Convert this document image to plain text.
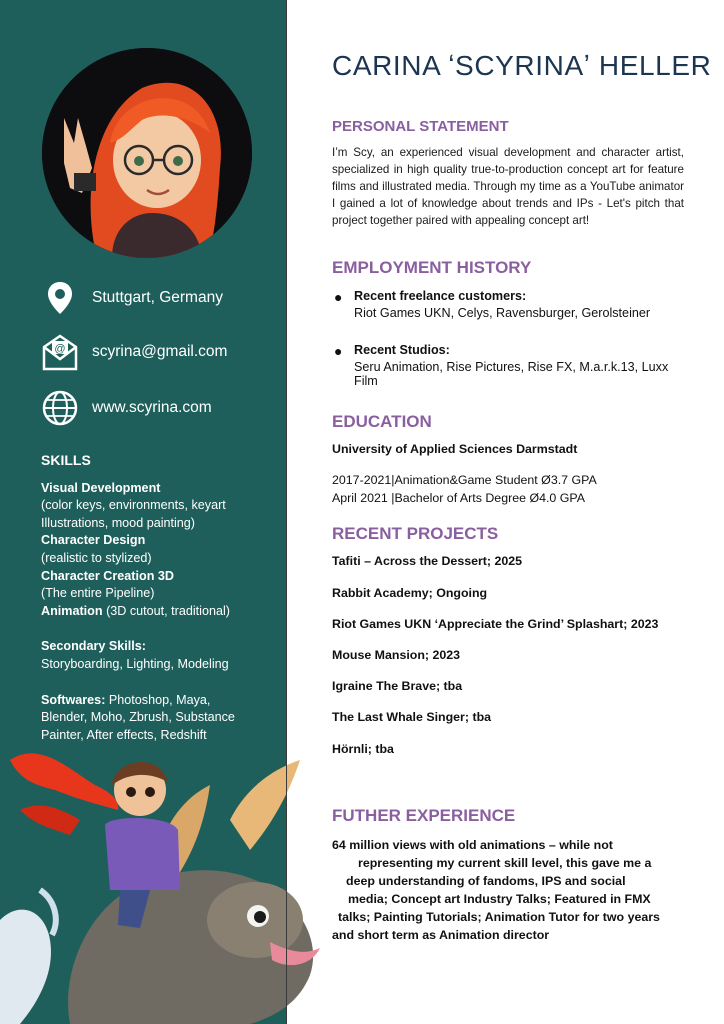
Stuttgart, Germany
@ scyrina@gmail.com
www.scyrina.com
SKILLS
Visual Development
(color keys, environments, keyart
Illustrations, mood painting)
Character Design
(realistic to stylized)
Character Creation 3D
(The entire Pipeline)
Animation (3D cutout, traditional)
Secondary Skills:
Storyboarding, Lighting, Modeling
Softwares: Photoshop, Maya,
Blender, Moho, Zbrush, Substance
Painter, After effects, Redshift
CARINA ʻSCYRINAʼ HELLER
PERSONAL STATEMENT
I’m Scy, an experienced visual development and character artist, specialized in high quality true-to-production concept art for feature films and illustrated media. Through my time as a YouTube animator I gained a lot of knowledge about trends and IPs - Let's pitch that project together paired with appealing concept art!
EMPLOYMENT HISTORY
● Recent freelance customers:
Riot Games UKN, Celys, Ravensburger, Gerolsteiner
● Recent Studios:
Seru Animation, Rise Pictures, Rise FX, M.a.r.k.13, Luxx
Film
EDUCATION
University of Applied Sciences Darmstadt
2017-2021|Animation&Game Student Ø3.7 GPA
April 2021 |Bachelor of Arts Degree Ø4.0 GPA
RECENT PROJECTS
Tafiti – Across the Dessert; 2025
Rabbit Academy; Ongoing
Riot Games UKN ‘Appreciate the Grind’ Splashart; 2023
Mouse Mansion; 2023
Igraine The Brave; tba
The Last Whale Singer; tba
Hörnli; tba
FUTHER EXPERIENCE
64 million views with old animations – while not
representing my current skill level, this gave me a
deep understanding of fandoms, IPS and social
media; Concept art Industry Talks; Featured in FMX
talks; Painting Tutorials; Animation Tutor for two years
and short term as Animation director
